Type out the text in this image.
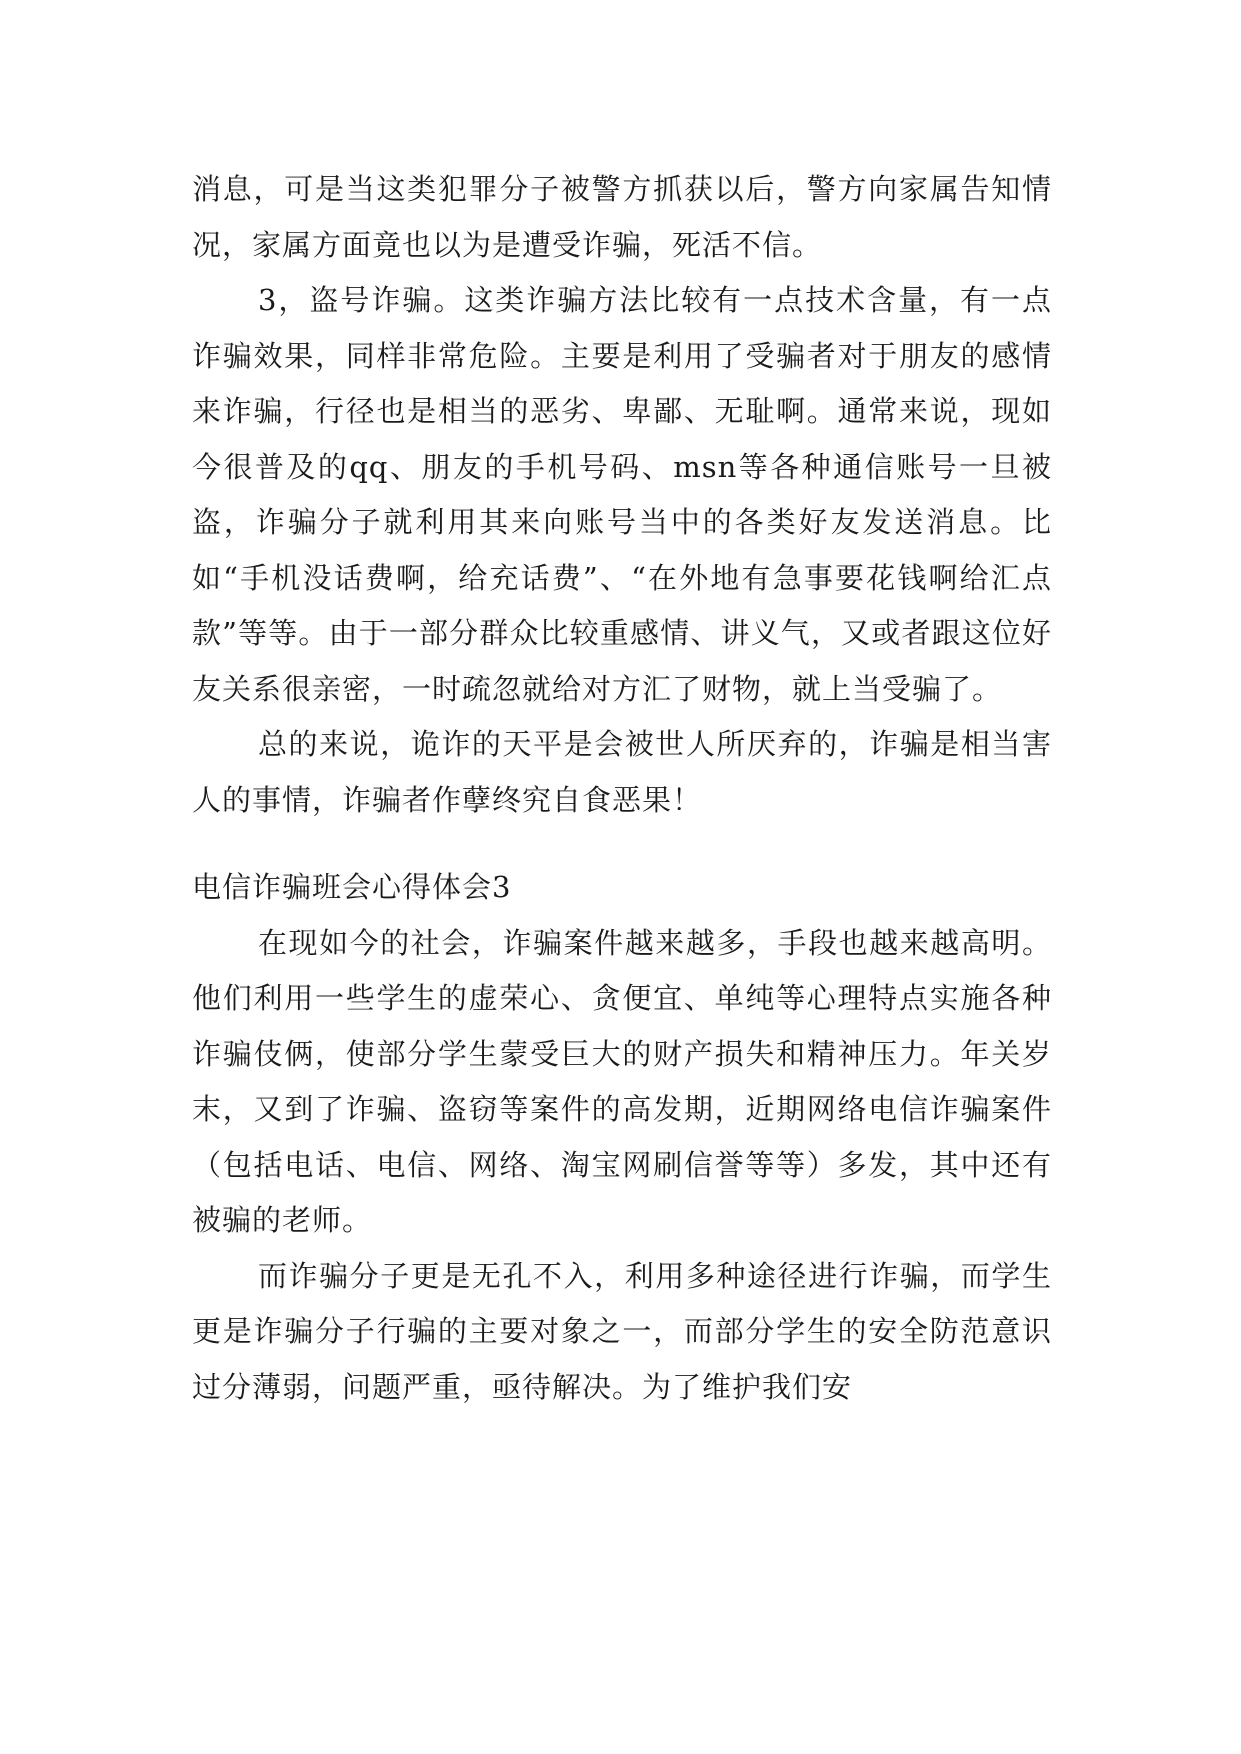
消息，可是当这类犯罪分子被警方抓获以后，警方向家属告知情况，家属方面竟也以为是遭受诈骗，死活不信。

3，盗号诈骗。这类诈骗方法比较有一点技术含量，有一点诈骗效果，同样非常危险。主要是利用了受骗者对于朋友的感情来诈骗，行径也是相当的恶劣、卑鄙、无耻啊。通常来说，现如今很普及的qq、朋友的手机号码、msn等各种通信账号一旦被盗，诈骗分子就利用其来向账号当中的各类好友发送消息。比如“手机没话费啊，给充话费”、“在外地有急事要花钱啊给汇点款”等等。由于一部分群众比较重感情、讲义气，又或者跟这位好友关系很亲密，一时疏忽就给对方汇了财物，就上当受骗了。

总的来说，诡诈的天平是会被世人所厌弃的，诈骗是相当害人的事情，诈骗者作孽终究自食恶果！

电信诈骗班会心得体会3

在现如今的社会，诈骗案件越来越多，手段也越来越高明。他们利用一些学生的虚荣心、贪便宜、单纯等心理特点实施各种诈骗伎俩，使部分学生蒙受巨大的财产损失和精神压力。年关岁末，又到了诈骗、盗窃等案件的高发期，近期网络电信诈骗案件（包括电话、电信、网络、淘宝网刷信誉等等）多发，其中还有被骗的老师。

而诈骗分子更是无孔不入，利用多种途径进行诈骗，而学生更是诈骗分子行骗的主要对象之一，而部分学生的安全防范意识过分薄弱，问题严重，亟待解决。为了维护我们安
